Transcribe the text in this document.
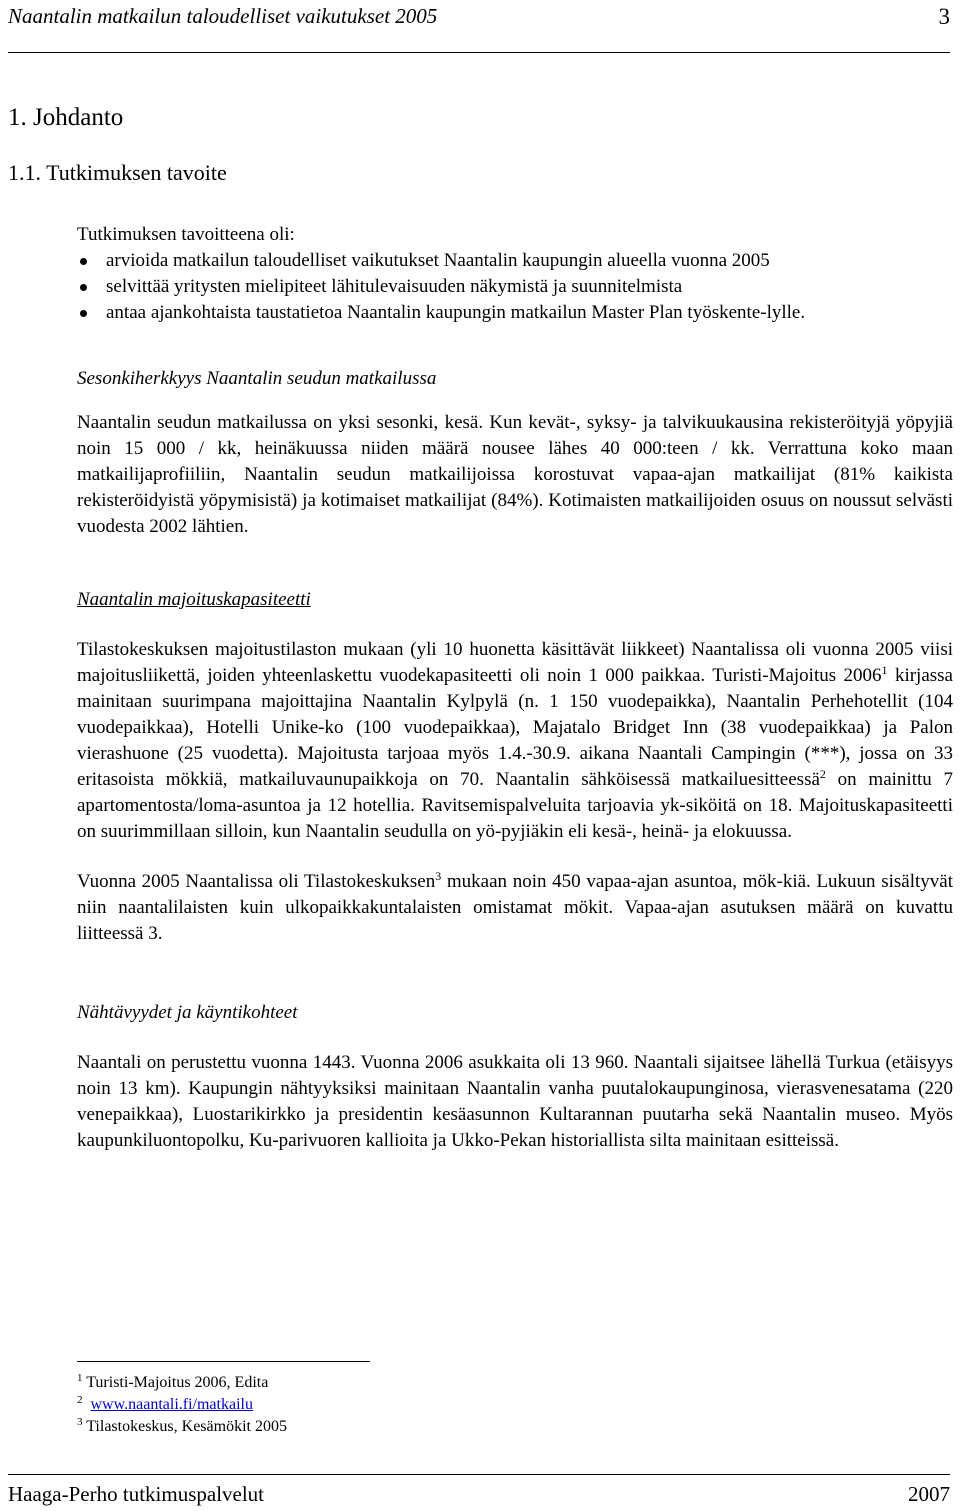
Naantalin matkailun taloudelliset vaikutukset 2005	3
1. Johdanto
1.1. Tutkimuksen tavoite

Tutkimuksen tavoitteena oli:

arvioida matkailun taloudelliset vaikutukset Naantalin kaupungin alueella vuonna 2005
selvittää yritysten mielipiteet lähitulevaisuuden näkymistä ja suunnitelmista
antaa ajankohtaista taustatietoa Naantalin kaupungin matkailun Master Plan työskente-lylle.

Sesonkiherkkyys Naantalin seudun matkailussa

Naantalin seudun matkailussa on yksi sesonki, kesä. Kun kevät-, syksy- ja talvikuukausina rekisteröityjä yöpyjiä noin 15 000 / kk, heinäkuussa niiden määrä nousee lähes 40 000:teen / kk. Verrattuna koko maan matkailijaprofiiliin, Naantalin seudun matkailijoissa korostuvat vapaa-ajan matkailijat (81% kaikista rekisteröidyistä yöpymisistä) ja kotimaiset matkailijat (84%). Kotimaisten matkailijoiden osuus on noussut selvästi vuodesta 2002 lähtien.

Naantalin majoituskapasiteetti

Tilastokeskuksen majoitustilaston mukaan (yli 10 huonetta käsittävät liikkeet) Naantalissa oli vuonna 2005 viisi majoitusliikettä, joiden yhteenlaskettu vuodekapasiteetti oli noin 1 000 paikkaa. Turisti-Majoitus 2006$^1$ kirjassa mainitaan suurimpana majoittajina Naantalin Kylpylä (n. 1 150 vuodepaikka), Naantalin Perhehotellit (104 vuodepaikkaa), Hotelli Unike-ko (100 vuodepaikkaa), Majatalo Bridget Inn (38 vuodepaikkaa) ja Palon vierashuone (25 vuodetta). Majoitusta tarjoaa myös 1.4.-30.9. aikana Naantali Campingin (***), jossa on 33 eritasoista mökkiä, matkailuvaunupaikkoja on 70. Naantalin sähköisessä matkailuesitteessä$^2$ on mainittu 7 apartomentosta/loma-asuntoa ja 12 hotellia. Ravitsemispalveluita tarjoavia yk-siköitä on 18. Majoituskapasiteetti on suurimmillaan silloin, kun Naantalin seudulla on yö-pyjiäkin eli kesä-, heinä- ja elokuussa.

Vuonna 2005 Naantalissa oli Tilastokeskuksen$^3$ mukaan noin 450 vapaa-ajan asuntoa, mök-kiä. Lukuun sisältyvät niin naantalilaisten kuin ulkopaikkakuntalaisten omistamat mökit. Vapaa-ajan asutuksen määrä on kuvattu liitteessä 3.

Nähtävyydet ja käyntikohteet

Naantali on perustettu vuonna 1443. Vuonna 2006 asukkaita oli 13 960. Naantali sijaitsee lähellä Turkua (etäisyys noin 13 km). Kaupungin nähtyyksiksi mainitaan Naantalin vanha puutalokaupunginosa, vierasvenesatama (220 venepaikkaa), Luostarikirkko ja presidentin kesäasunnon Kultarannan puutarha sekä Naantalin museo. Myös kaupunkiluontopolku, Ku-parivuoren kallioita ja Ukko-Pekan historiallista silta mainitaan esitteissä.

$^1$ Turisti-Majoitus 2006, Edita

$^2$ www.naantali.fi/matkailu

$^3$ Tilastokeskus, Kesämökit 2005

Haaga-Perho tutkimuspalvelut	2007
